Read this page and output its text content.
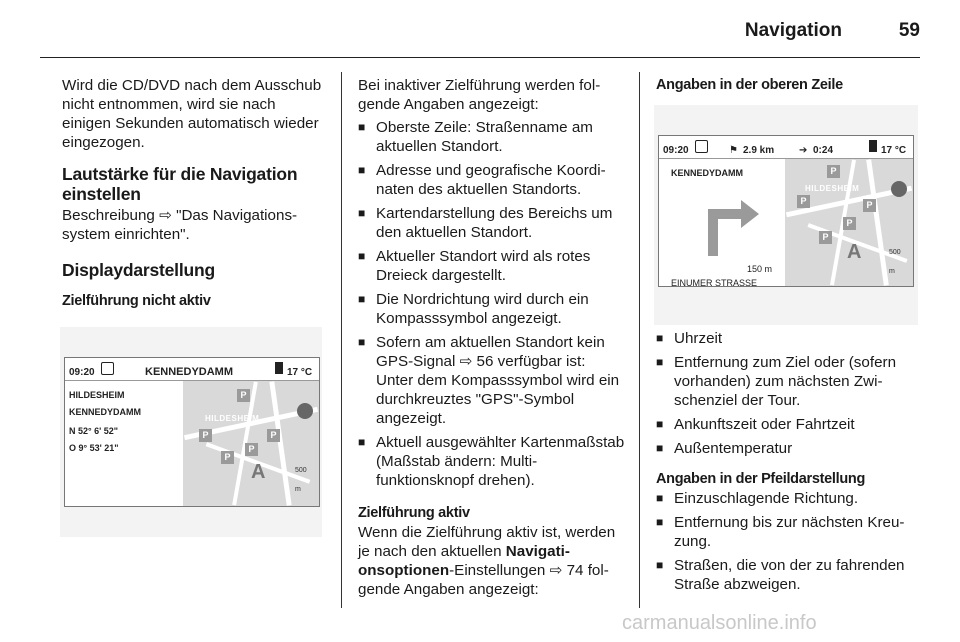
Navigation	59

Wird die CD/DVD nach dem Ausschub nicht entnommen, wird sie nach einigen Sekunden automatisch wieder eingezogen.

Lautstärke für die Navigation einstellen

Beschreibung ⇨ "Das Navigationssystem einrichten".

Displaydarstellung
Zielführung nicht aktiv
09:20	KENNEDYDAMM	17 °C
HILDESHEIM
KENNEDYDAMM
N 52° 6' 52"
O 9° 53' 21"
HILDESHEIM
P
P
P
P
P
A	500 m

Bei inaktiver Zielführung werden folgende Angaben angezeigt:

■ Oberste Zeile: Straßenname am aktuellen Standort.
■ Adresse und geografische Koordinaten des aktuellen Standorts.
■ Kartendarstellung des Bereichs um den aktuellen Standort.
■ Aktueller Standort wird als rotes Dreieck dargestellt.
■ Die Nordrichtung wird durch ein Kompasssymbol angezeigt.
■ Sofern am aktuellen Standort kein GPS-Signal ⇨ 56 verfügbar ist: Unter dem Kompasssymbol wird ein durchkreuztes "GPS"-Symbol angezeigt.
■ Aktuell ausgewählter Kartenmaßstab (Maßstab ändern: Multifunktionsknopf drehen).
Zielführung aktiv

Wenn die Zielführung aktiv ist, werden je nach den aktuellen Navigationsoptionen-Einstellungen ⇨ 74 folgende Angaben angezeigt:

Angaben in der oberen Zeile
09:20	⚑ 2.9 km ➔ 0:24	17 °C
KENNEDYDAMM
150 m
EINUMER STRASSE
HILDESHEIM
P
P
P
P
P
A	500 m
■ Uhrzeit
■ Entfernung zum Ziel oder (sofern vorhanden) zum nächsten Zwischenziel der Tour.
■ Ankunftszeit oder Fahrtzeit
■ Außentemperatur
Angaben in der Pfeildarstellung
■ Einzuschlagende Richtung.
■ Entfernung bis zur nächsten Kreuzung.
■ Straßen, die von der zu fahrenden Straße abzweigen.
carmanualsonline.info
